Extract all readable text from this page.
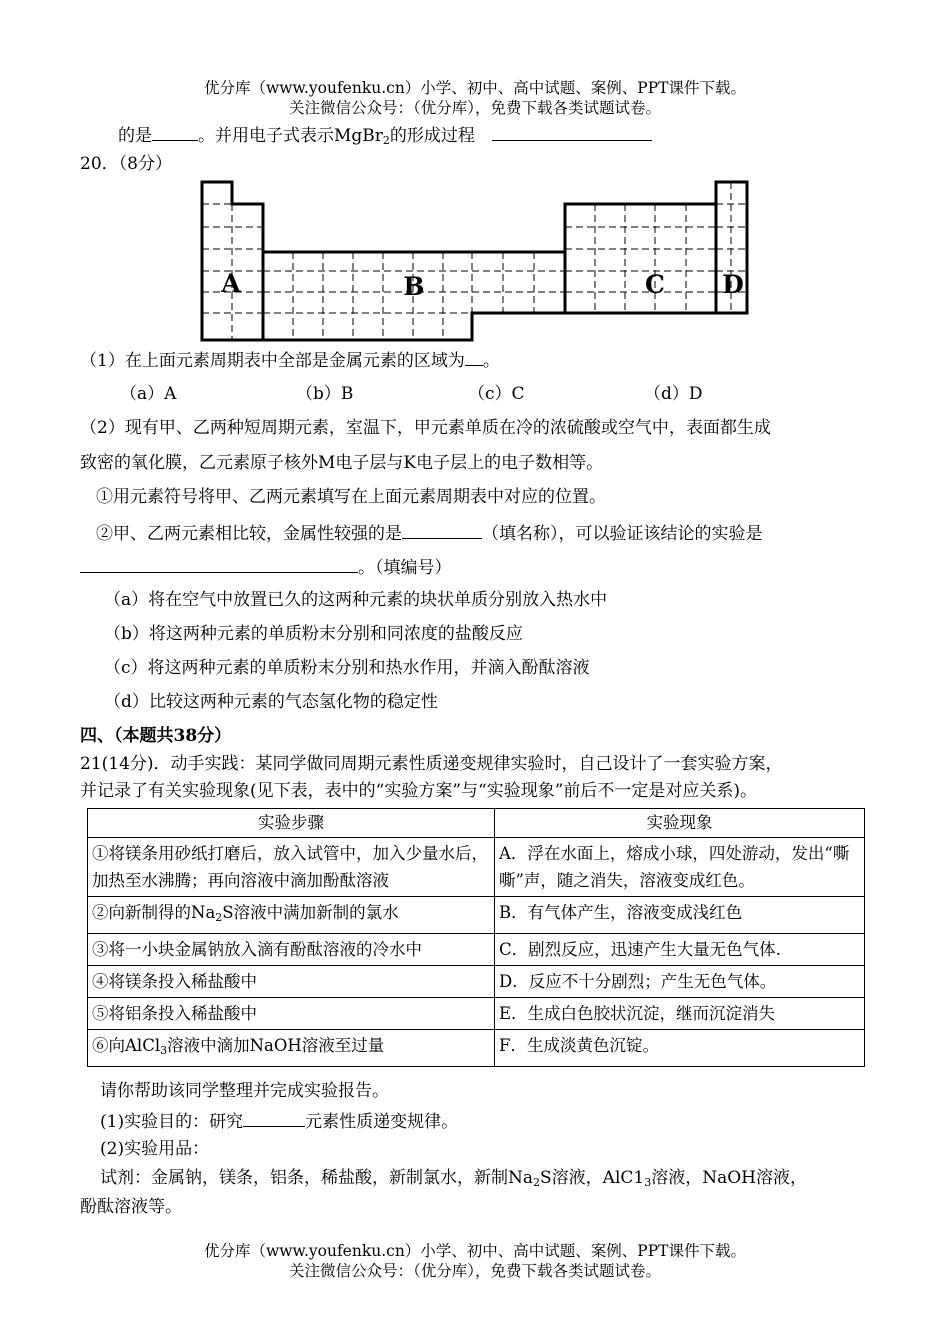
优分库（www.youfenku.cn）小学、初中、高中试题、案例、PPT课件下载。
关注微信公众号：（优分库），免费下载各类试题试卷。
的是	。并用电子式表示MgBr$_2$的形成过程
20．（8分）
A	B	C D
（1）在上面元素周期表中全部是金属元素的区域为 。
（a）A	（b）B	（c）C	（d）D
（2）现有甲、乙两种短周期元素，室温下，甲元素单质在冷的浓硫酸或空气中，表面都生成
致密的氧化膜，乙元素原子核外M电子层与K电子层上的电子数相等。
①用元素符号将甲、乙两元素填写在上面元素周期表中对应的位置。
②甲、乙两元素相比较，金属性较强的是	（填名称），可以验证该结论的实验是
。（填编号）
（a）将在空气中放置已久的这两种元素的块状单质分别放入热水中
（b）将这两种元素的单质粉末分别和同浓度的盐酸反应
（c）将这两种元素的单质粉末分别和热水作用，并滴入酚酞溶液
（d）比较这两种元素的气态氢化物的稳定性
四、（本题共38分）
21(14分)．动手实践：某同学做同周期元素性质递变规律实验时，自己设计了一套实验方案，
并记录了有关实验现象(见下表，表中的“实验方案”与“实验现象”前后不一定是对应关系)。
实验步骤	实验现象
①将镁条用砂纸打磨后，放入试管中，加入少量水后，加热至水沸腾；再向溶液中滴加酚酞溶液	A．浮在水面上，熔成小球，四处游动，发出“嘶嘶”声，随之消失，溶液变成红色。
②向新制得的$Na_2S$溶液中满加新制的氯水	B．有气体产生，溶液变成浅红色
③将一小块金属钠放入滴有酚酞溶液的冷水中	C．剧烈反应，迅速产生大量无色气体.
④将镁条投入稀盐酸中	D．反应不十分剧烈；产生无色气体。
⑤将铝条投入稀盐酸中	E．生成白色胶状沉淀，继而沉淀消失
⑥向AlCl$_3$溶液中滴加NaOH溶液至过量	F．生成淡黄色沉锭。
请你帮助该同学整理并完成实验报告。
(1)实验目的：研究	元素性质递变规律。
(2)实验用品：
试剂：金属钠，镁条，铝条，稀盐酸，新制氯水，新制$Na_2S$溶液，$AlC1_3$溶液，NaOH溶液，
酚酞溶液等。
优分库（www.youfenku.cn）小学、初中、高中试题、案例、PPT课件下载。
关注微信公众号：（优分库），免费下载各类试题试卷。
